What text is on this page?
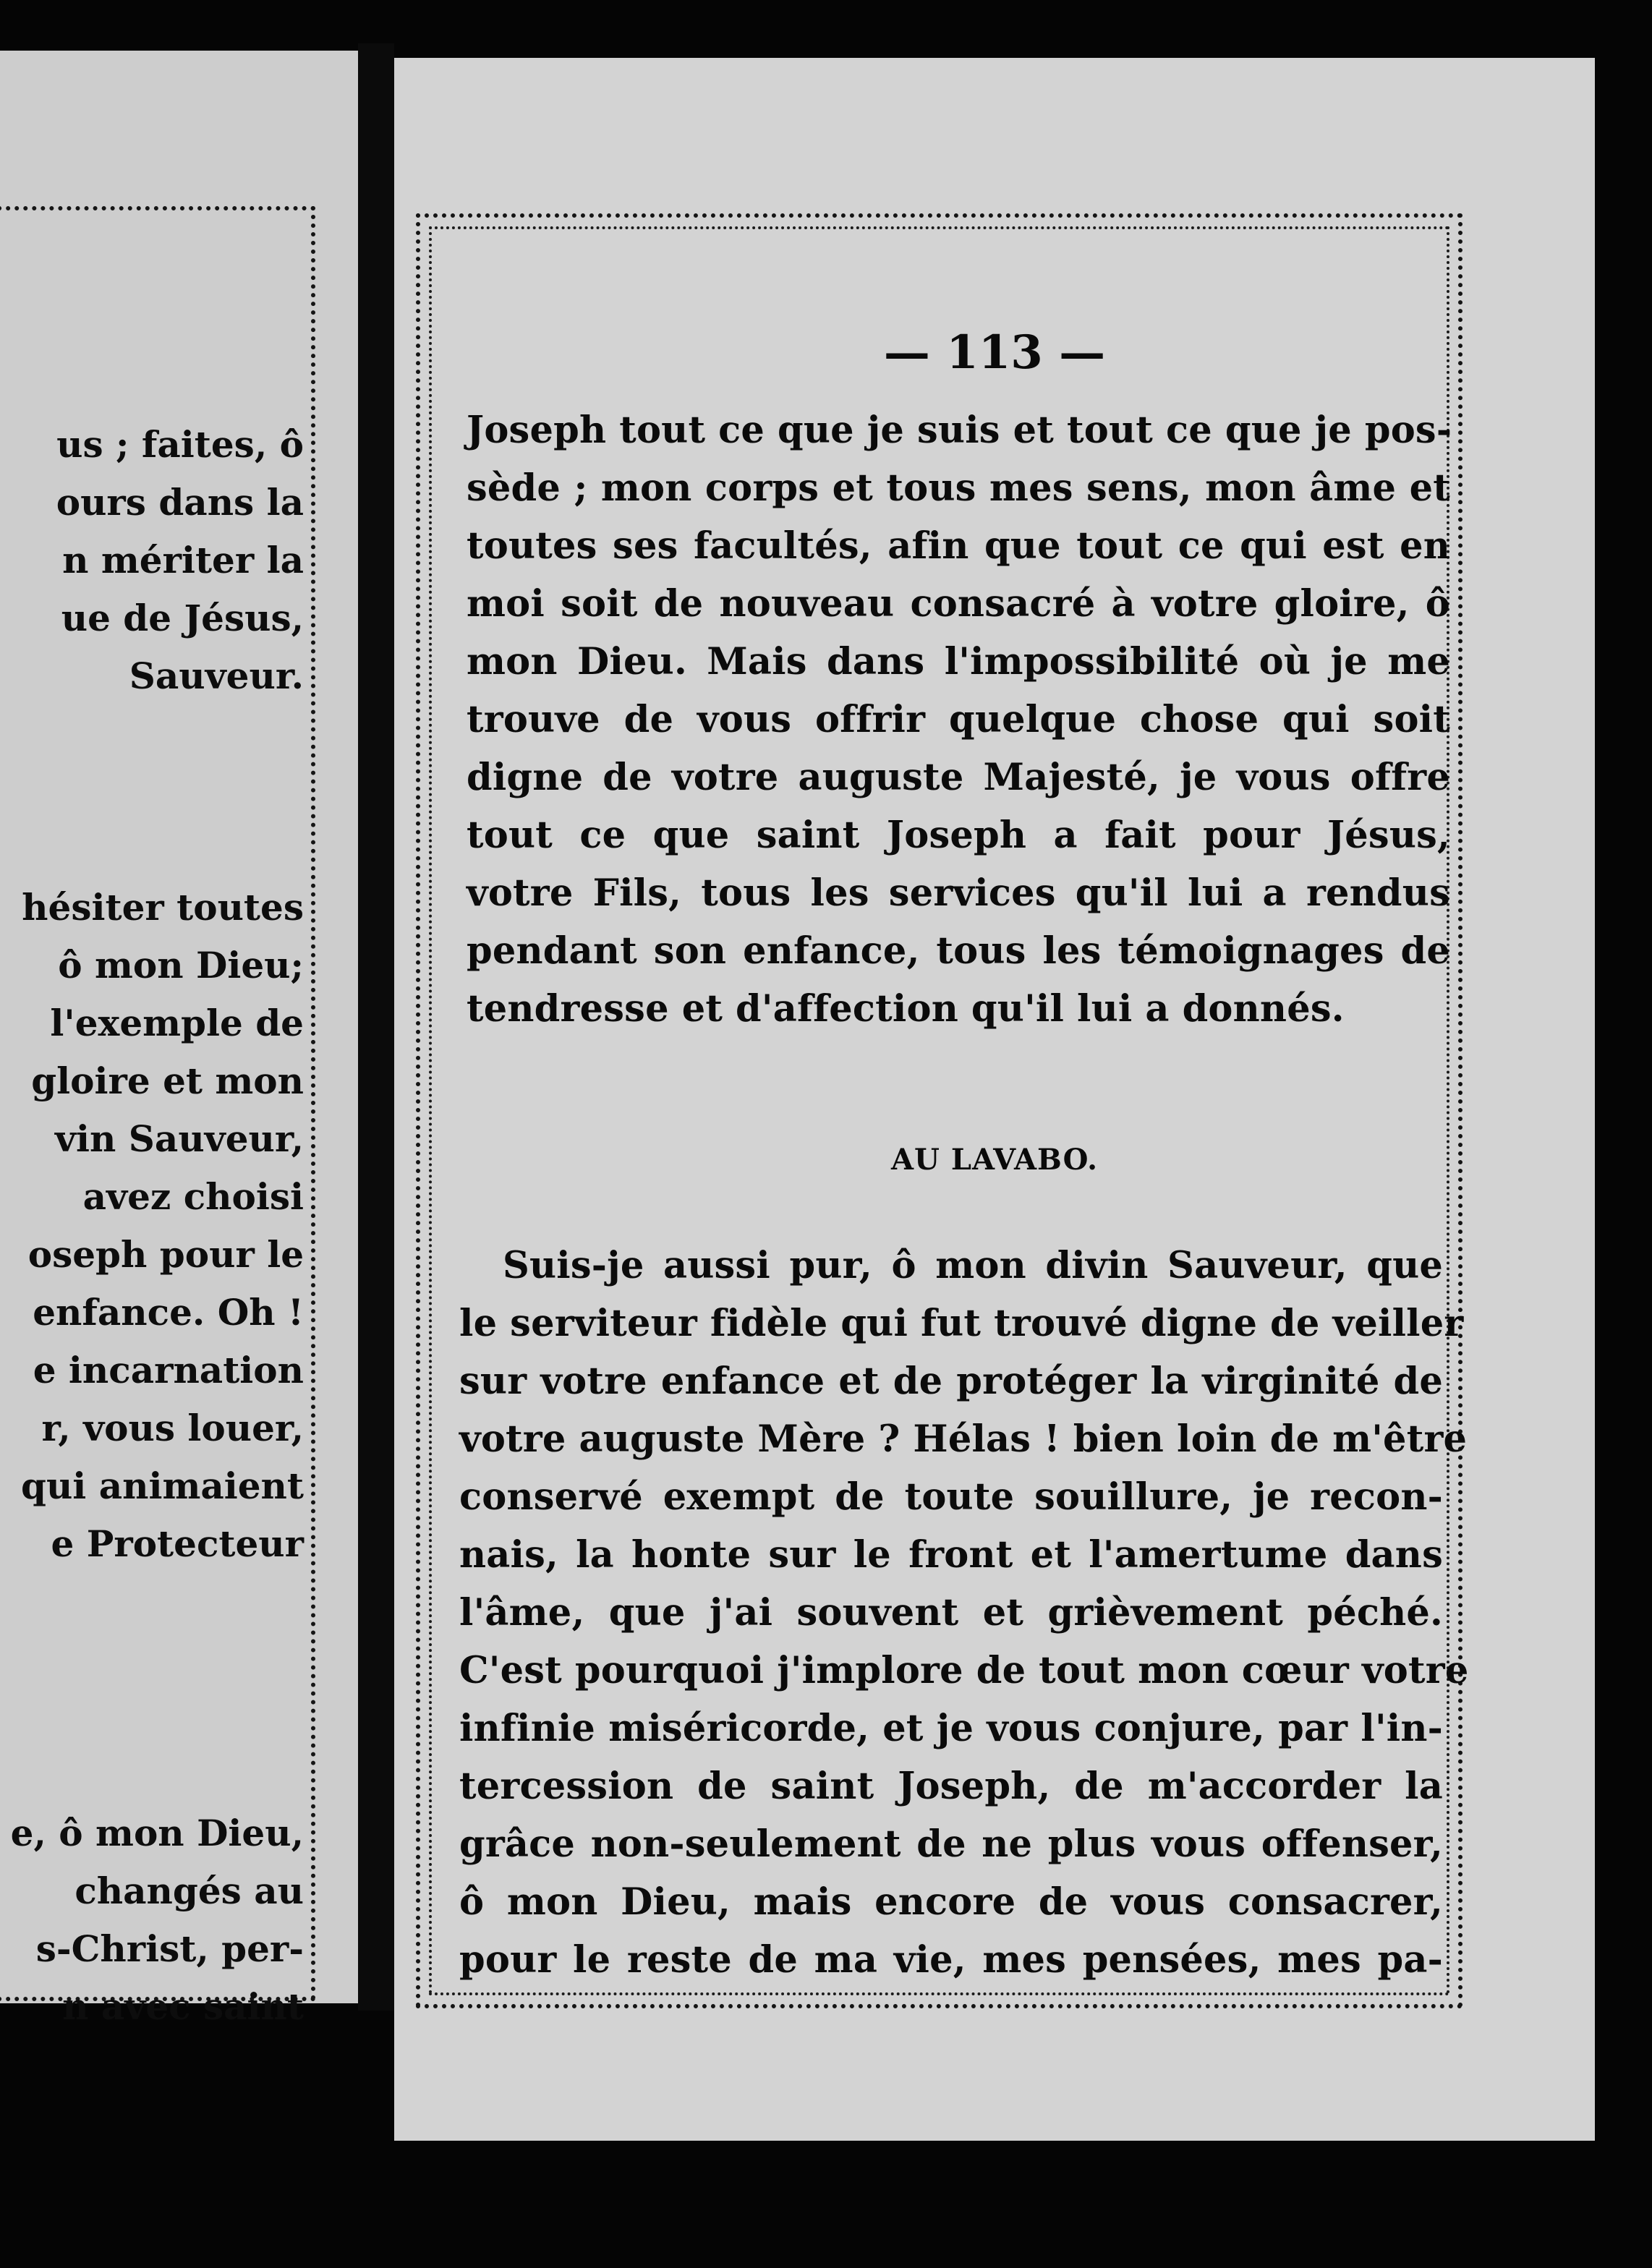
us ; faites, ô
ours dans la
n mériter la
ue de Jésus,
Sauveur.
hésiter toutes
ô mon Dieu;
l'exemple de
gloire et mon
vin Sauveur,
avez choisi
oseph pour le
enfance. Oh !
e incarnation
r, vous louer,
qui animaient
e Protecteur
e, ô mon Dieu,
changés au
s-Christ, per-
n avec saint
— 113 —
Joseph tout ce que je suis et tout ce que je pos-
sède ; mon corps et tous mes sens, mon âme et
toutes ses facultés, afin que tout ce qui est en
moi soit de nouveau consacré à votre gloire, ô
mon Dieu. Mais dans l'impossibilité où je me
trouve de vous offrir quelque chose qui soit
digne de votre auguste Majesté, je vous offre
tout ce que saint Joseph a fait pour Jésus,
votre Fils, tous les services qu'il lui a rendus
pendant son enfance, tous les témoignages de
tendresse et d'affection qu'il lui a donnés.
AU LAVABO.
Suis-je aussi pur, ô mon divin Sauveur, que
le serviteur fidèle qui fut trouvé digne de veiller
sur votre enfance et de protéger la virginité de
votre auguste Mère ? Hélas ! bien loin de m'être
conservé exempt de toute souillure, je recon-
nais, la honte sur le front et l'amertume dans
l'âme, que j'ai souvent et grièvement péché.
C'est pourquoi j'implore de tout mon cœur votre
infinie miséricorde, et je vous conjure, par l'in-
tercession de saint Joseph, de m'accorder la
grâce non-seulement de ne plus vous offenser,
ô mon Dieu, mais encore de vous consacrer,
pour le reste de ma vie, mes pensées, mes pa-
